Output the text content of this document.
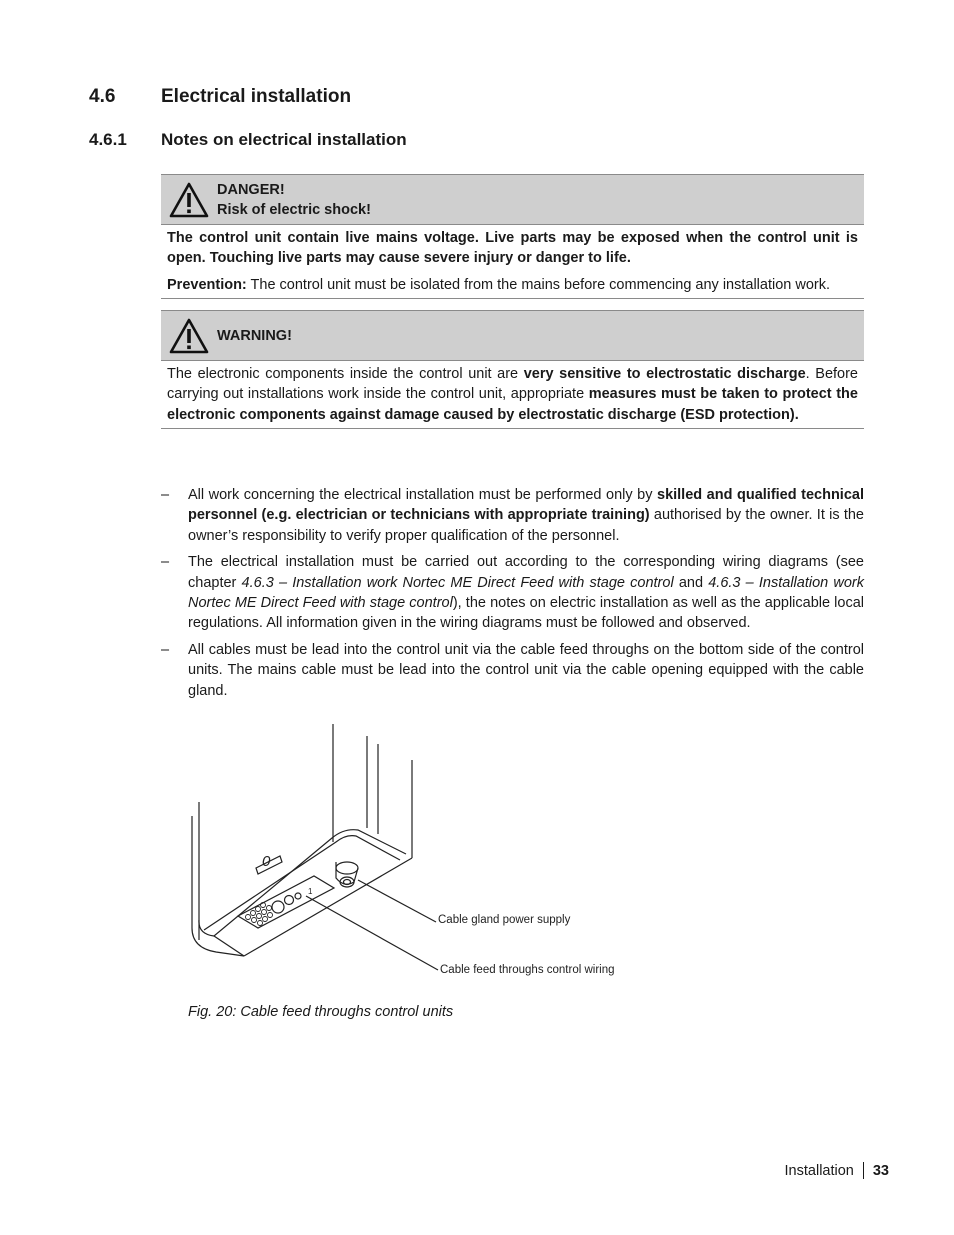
4.6 Electrical installation
4.6.1 Notes on electrical installation
DANGER!
Risk of electric shock!

The control unit contain live mains voltage. Live parts may be exposed when the control unit is open. Touching live parts may cause severe injury or danger to life.

Prevention: The control unit must be isolated from the mains before commencing any installation work.

WARNING!

The electronic components inside the control unit are very sensitive to electrostatic discharge. Before carrying out installations work inside the control unit, appropriate measures must be taken to protect the electronic components against damage caused by electrostatic discharge (ESD protection).

– All work concerning the electrical installation must be performed only by skilled and qualified technical personnel (e.g. electrician or technicians with appropriate training) authorised by the owner. It is the owner’s responsibility to verify proper qualification of the personnel.
– The electrical installation must be carried out according to the corresponding wiring diagrams (see chapter 4.6.3 – Installation work Nortec ME Direct Feed with stage control and 4.6.3 – Installation work Nortec ME Direct Feed with stage control), the notes on electric installation as well as the applicable local regulations. All information given in the wiring diagrams must be followed and observed.
– All cables must be lead into the control unit via the cable feed throughs on the bottom side of the control units. The mains cable must be lead into the control unit via the cable opening equipped with the cable gland.
0
1
Cable gland power supply
Cable feed throughs control wiring
Fig. 20: Cable feed throughs control units
Installation 33
